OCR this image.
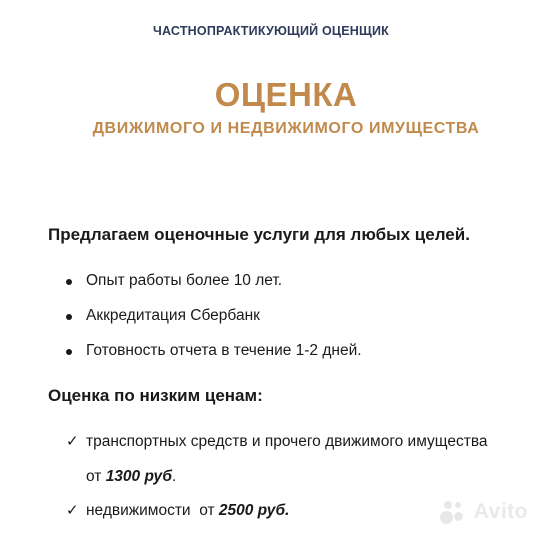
ЧАСТНОПРАКТИКУЮЩИЙ ОЦЕНЩИК
ОЦЕНКА
ДВИЖИМОГО И НЕДВИЖИМОГО ИМУЩЕСТВА
Предлагаем оценочные услуги для любых целей.
Опыт работы более 10 лет.
Аккредитация Сбербанк
Готовность отчета в течение 1-2 дней.
Оценка по низким ценам:
✓ транспортных средств и прочего движимого имущества
от 1300 руб.
✓ недвижимости  от 2500 руб.	Avito
